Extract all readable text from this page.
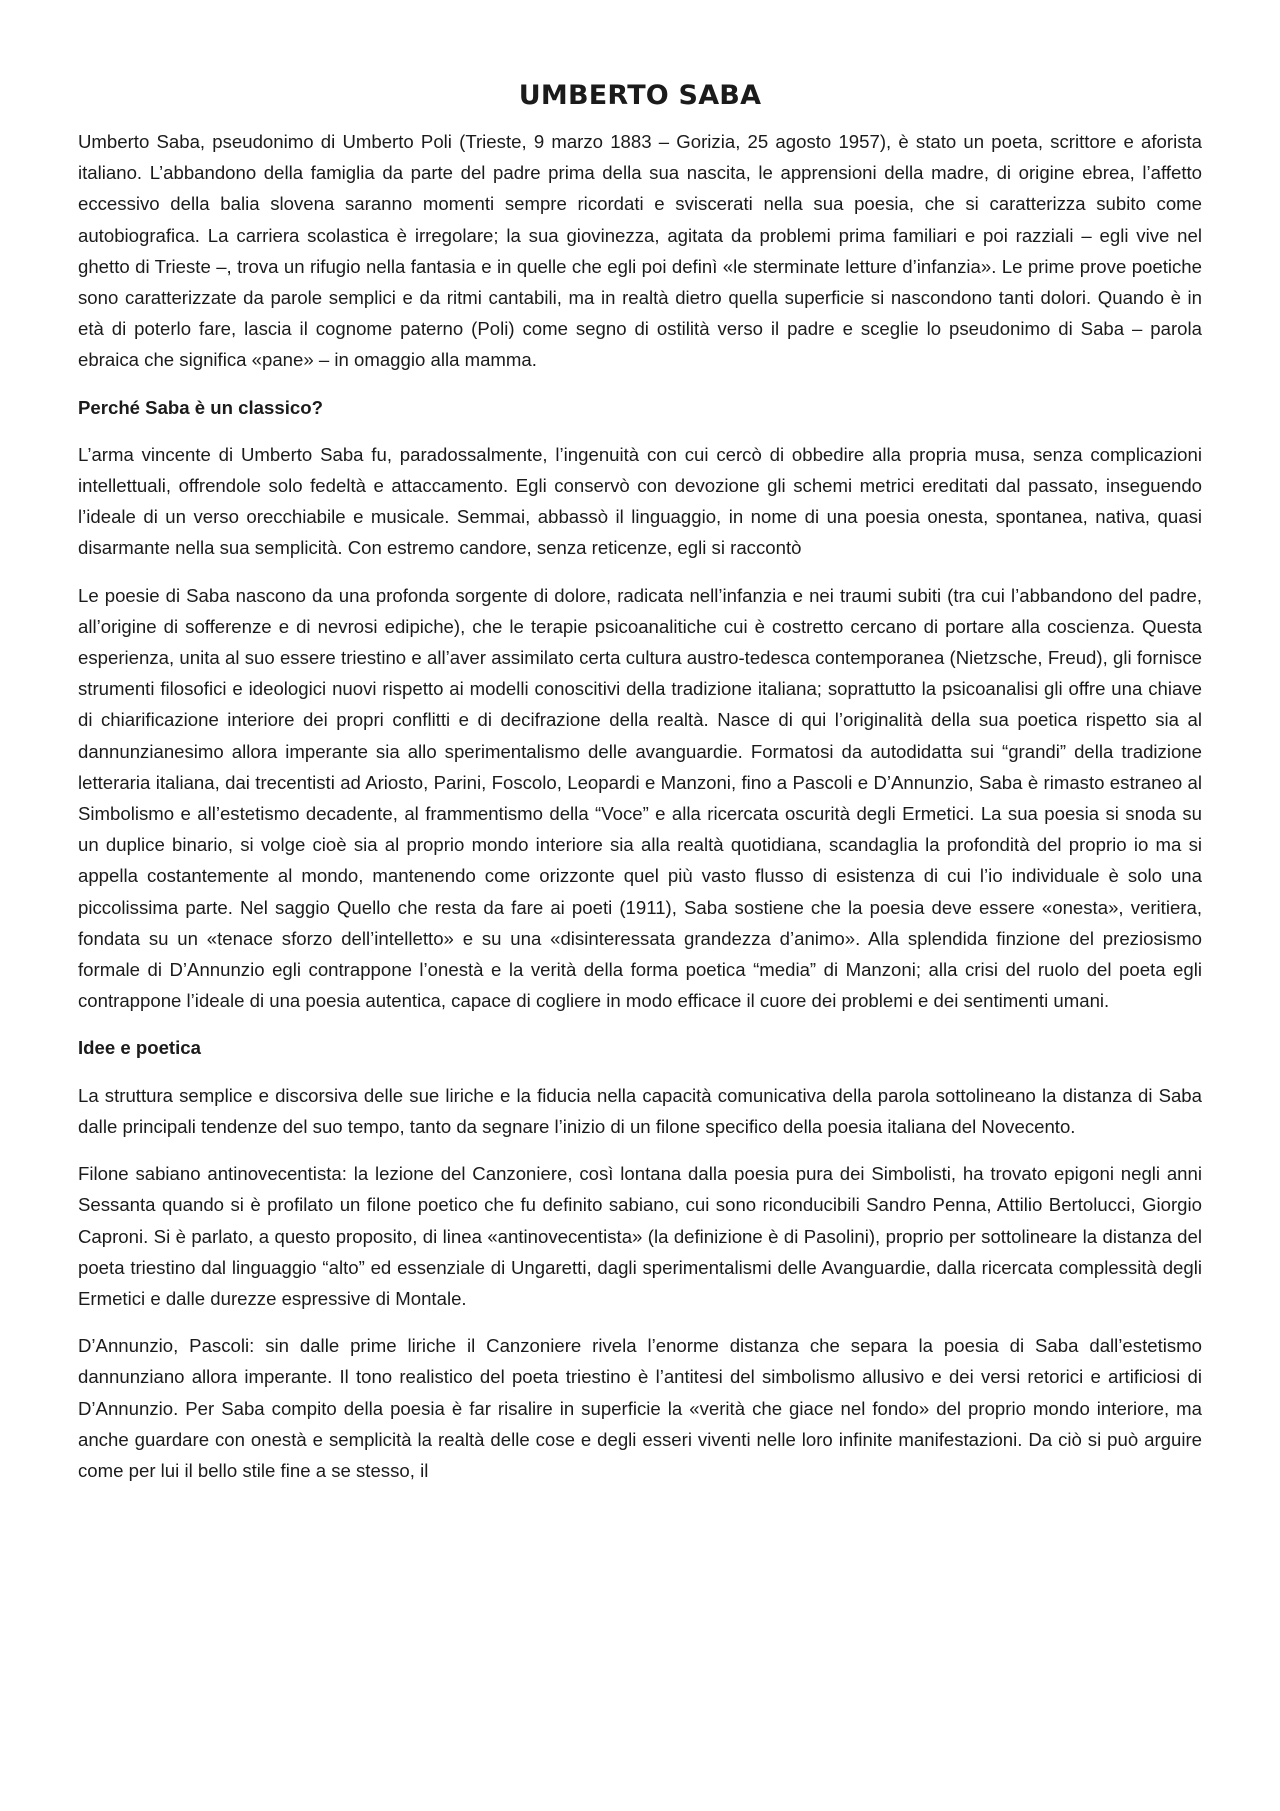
UMBERTO SABA

Umberto Saba, pseudonimo di Umberto Poli (Trieste, 9 marzo 1883 – Gorizia, 25 agosto 1957), è stato un poeta, scrittore e aforista italiano. L’abbandono della famiglia da parte del padre prima della sua nascita, le apprensioni della madre, di origine ebrea, l’affetto eccessivo della balia slovena saranno momenti sempre ricordati e sviscerati nella sua poesia, che si caratterizza subito come autobiografica. La carriera scolastica è irregolare; la sua giovinezza, agitata da problemi prima familiari e poi razziali – egli vive nel ghetto di Trieste –, trova un rifugio nella fantasia e in quelle che egli poi definì «le sterminate letture d’infanzia». Le prime prove poetiche sono caratterizzate da parole semplici e da ritmi cantabili, ma in realtà dietro quella superficie si nascondono tanti dolori. Quando è in età di poterlo fare, lascia il cognome paterno (Poli) come segno di ostilità verso il padre e sceglie lo pseudonimo di Saba – parola ebraica che significa «pane» – in omaggio alla mamma.

Perché Saba è un classico?

L’arma vincente di Umberto Saba fu, paradossalmente, l’ingenuità con cui cercò di obbedire alla propria musa, senza complicazioni intellettuali, offrendole solo fedeltà e attaccamento. Egli conservò con devozione gli schemi metrici ereditati dal passato, inseguendo l’ideale di un verso orecchiabile e musicale. Semmai, abbassò il linguaggio, in nome di una poesia onesta, spontanea, nativa, quasi disarmante nella sua semplicità. Con estremo candore, senza reticenze, egli si raccontò

Le poesie di Saba nascono da una profonda sorgente di dolore, radicata nell’infanzia e nei traumi subiti (tra cui l’abbandono del padre, all’origine di sofferenze e di nevrosi edipiche), che le terapie psicoanalitiche cui è costretto cercano di portare alla coscienza. Questa esperienza, unita al suo essere triestino e all’aver assimilato certa cultura austro-tedesca contemporanea (Nietzsche, Freud), gli fornisce strumenti filosofici e ideologici nuovi rispetto ai modelli conoscitivi della tradizione italiana; soprattutto la psicoanalisi gli offre una chiave di chiarificazione interiore dei propri conflitti e di decifrazione della realtà. Nasce di qui l’originalità della sua poetica rispetto sia al dannunzianesimo allora imperante sia allo sperimentalismo delle avanguardie. Formatosi da autodidatta sui “grandi” della tradizione letteraria italiana, dai trecentisti ad Ariosto, Parini, Foscolo, Leopardi e Manzoni, fino a Pascoli e D’Annunzio, Saba è rimasto estraneo al Simbolismo e all’estetismo decadente, al frammentismo della “Voce” e alla ricercata oscurità degli Ermetici. La sua poesia si snoda su un duplice binario, si volge cioè sia al proprio mondo interiore sia alla realtà quotidiana, scandaglia la profondità del proprio io ma si appella costantemente al mondo, mantenendo come orizzonte quel più vasto flusso di esistenza di cui l’io individuale è solo una piccolissima parte. Nel saggio Quello che resta da fare ai poeti (1911), Saba sostiene che la poesia deve essere «onesta», veritiera, fondata su un «tenace sforzo dell’intelletto» e su una «disinteressata grandezza d’animo». Alla splendida finzione del preziosismo formale di D’Annunzio egli contrappone l’onestà e la verità della forma poetica “media” di Manzoni; alla crisi del ruolo del poeta egli contrappone l’ideale di una poesia autentica, capace di cogliere in modo efficace il cuore dei problemi e dei sentimenti umani.

Idee e poetica

La struttura semplice e discorsiva delle sue liriche e la fiducia nella capacità comunicativa della parola sottolineano la distanza di Saba dalle principali tendenze del suo tempo, tanto da segnare l’inizio di un filone specifico della poesia italiana del Novecento.

Filone sabiano antinovecentista: la lezione del Canzoniere, così lontana dalla poesia pura dei Simbolisti, ha trovato epigoni negli anni Sessanta quando si è profilato un filone poetico che fu definito sabiano, cui sono riconducibili Sandro Penna, Attilio Bertolucci, Giorgio Caproni. Si è parlato, a questo proposito, di linea «antinovecentista» (la definizione è di Pasolini), proprio per sottolineare la distanza del poeta triestino dal linguaggio “alto” ed essenziale di Ungaretti, dagli sperimentalismi delle Avanguardie, dalla ricercata complessità degli Ermetici e dalle durezze espressive di Montale.

D’Annunzio, Pascoli: sin dalle prime liriche il Canzoniere rivela l’enorme distanza che separa la poesia di Saba dall’estetismo dannunziano allora imperante. Il tono realistico del poeta triestino è l’antitesi del simbolismo allusivo e dei versi retorici e artificiosi di D’Annunzio. Per Saba compito della poesia è far risalire in superficie la «verità che giace nel fondo» del proprio mondo interiore, ma anche guardare con onestà e semplicità la realtà delle cose e degli esseri viventi nelle loro infinite manifestazioni. Da ciò si può arguire come per lui il bello stile fine a se stesso, il
